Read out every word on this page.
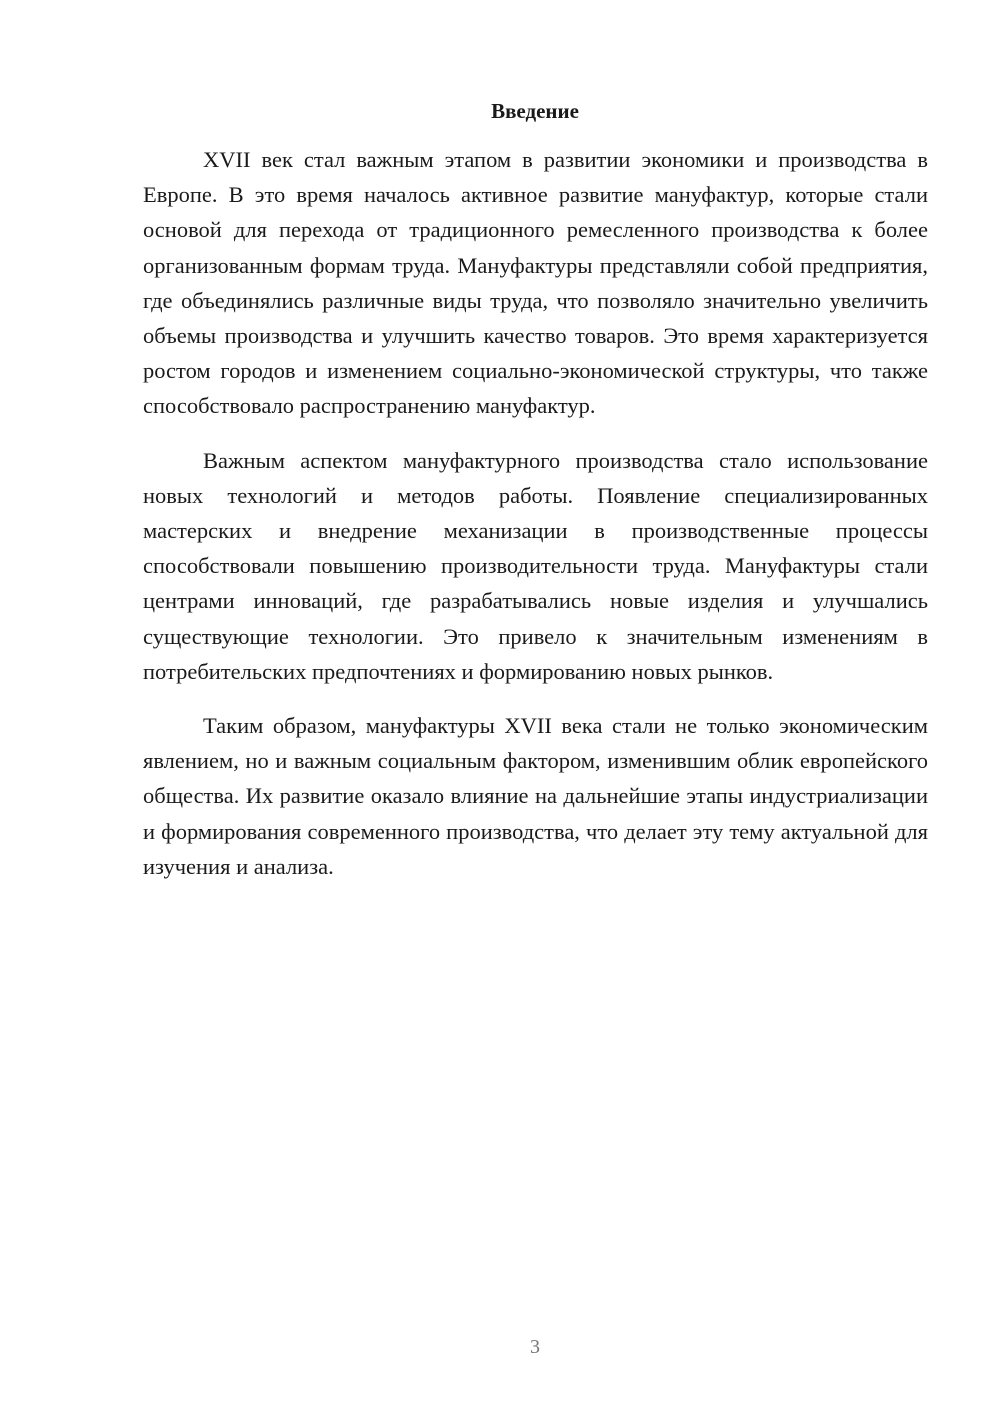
Введение

XVII век стал важным этапом в развитии экономики и производства в Европе. В это время началось активное развитие мануфактур, которые стали основой для перехода от традиционного ремесленного производства к более организованным формам труда. Мануфактуры представляли собой предприятия, где объединялись различные виды труда, что позволяло значительно увеличить объемы производства и улучшить качество товаров. Это время характеризуется ростом городов и изменением социально-экономической структуры, что также способствовало распространению мануфактур.

Важным аспектом мануфактурного производства стало использование новых технологий и методов работы. Появление специализированных мастерских и внедрение механизации в производственные процессы способствовали повышению производительности труда. Мануфактуры стали центрами инноваций, где разрабатывались новые изделия и улучшались существующие технологии. Это привело к значительным изменениям в потребительских предпочтениях и формированию новых рынков.

Таким образом, мануфактуры XVII века стали не только экономическим явлением, но и важным социальным фактором, изменившим облик европейского общества. Их развитие оказало влияние на дальнейшие этапы индустриализации и формирования современного производства, что делает эту тему актуальной для изучения и анализа.

3
